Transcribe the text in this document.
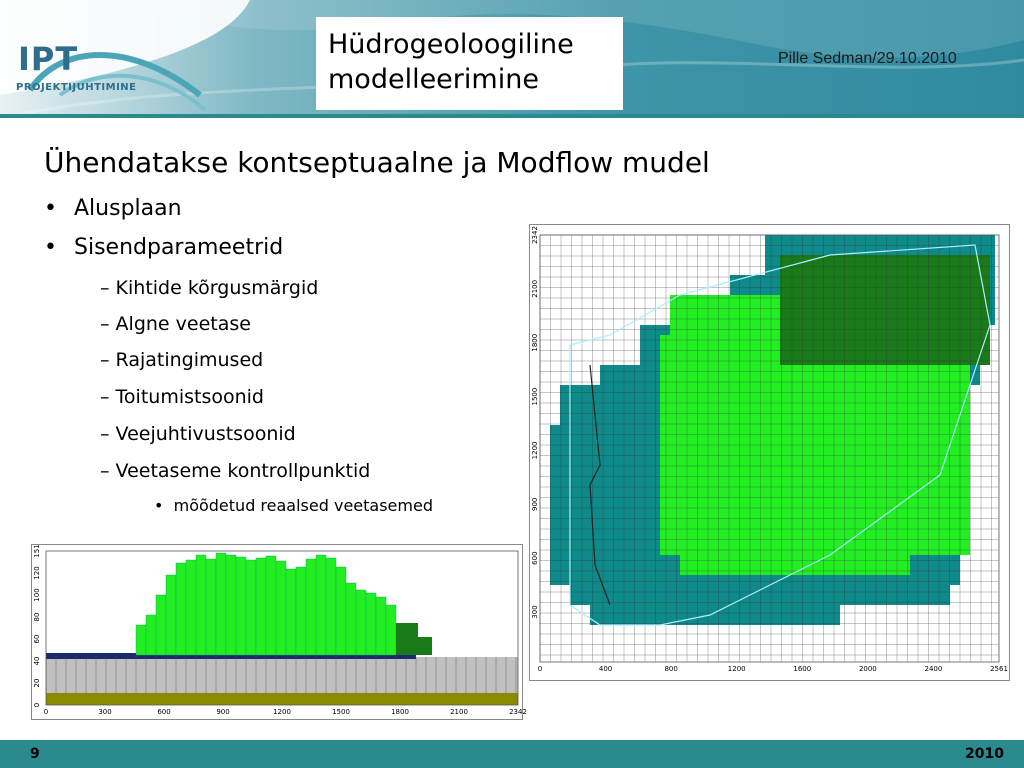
IPT
PROJEKTIJUHTIMINE
Hüdrogeoloogiline
modelleerimine
Pille Sedman/29.10.2010
Ühendatakse kontseptuaalne ja Modflow mudel
• Alusplaan
• Sisendparameetrid
– Kihtide kõrgusmärgid
– Algne veetase
– Rajatingimused
– Toitumistsoonid
– Veejuhtivustsoonid
– Veetaseme kontrollpunktid
• mõõdetud reaalsed veetasemed
0	400	800	1200	1600	2000	2400	2561
300
600
900
1200
1500
1800
2100
2342
0	300	600	900	1200	1500	1800	2100	2342
0
20
40
60
80
100
120
151
9	2010
